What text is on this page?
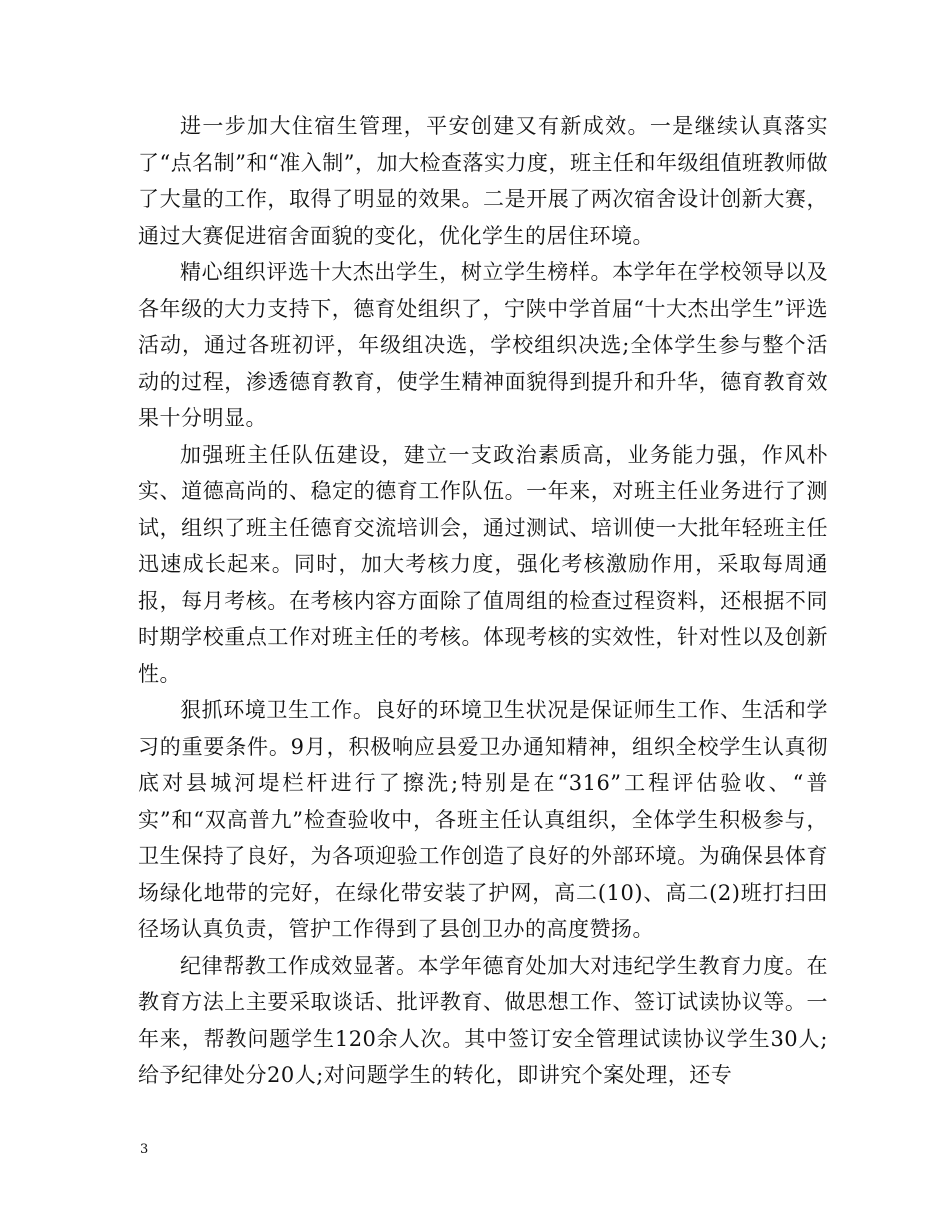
进一步加大住宿生管理，平安创建又有新成效。一是继续认真落实了“点名制”和“准入制”，加大检查落实力度，班主任和年级组值班教师做了大量的工作，取得了明显的效果。二是开展了两次宿舍设计创新大赛，通过大赛促进宿舍面貌的变化，优化学生的居住环境。

精心组织评选十大杰出学生，树立学生榜样。本学年在学校领导以及各年级的大力支持下，德育处组织了，宁陕中学首届“十大杰出学生”评选活动，通过各班初评，年级组决选，学校组织决选;全体学生参与整个活动的过程，渗透德育教育，使学生精神面貌得到提升和升华，德育教育效果十分明显。

加强班主任队伍建设，建立一支政治素质高，业务能力强，作风朴实、道德高尚的、稳定的德育工作队伍。一年来，对班主任业务进行了测试，组织了班主任德育交流培训会，通过测试、培训使一大批年轻班主任迅速成长起来。同时，加大考核力度，强化考核激励作用，采取每周通报，每月考核。在考核内容方面除了值周组的检查过程资料，还根据不同时期学校重点工作对班主任的考核。体现考核的实效性，针对性以及创新性。

狠抓环境卫生工作。良好的环境卫生状况是保证师生工作、生活和学习的重要条件。9月，积极响应县爱卫办通知精神，组织全校学生认真彻底对县城河堤栏杆进行了擦洗;特别是在“316”工程评估验收、“普实”和“双高普九”检查验收中，各班主任认真组织，全体学生积极参与，卫生保持了良好，为各项迎验工作创造了良好的外部环境。为确保县体育场绿化地带的完好，在绿化带安装了护网，高二(10)、高二(2)班打扫田径场认真负责，管护工作得到了县创卫办的高度赞扬。

纪律帮教工作成效显著。本学年德育处加大对违纪学生教育力度。在教育方法上主要采取谈话、批评教育、做思想工作、签订试读协议等。一年来，帮教问题学生120余人次。其中签订安全管理试读协议学生30人;给予纪律处分20人;对问题学生的转化，即讲究个案处理，还专

3
